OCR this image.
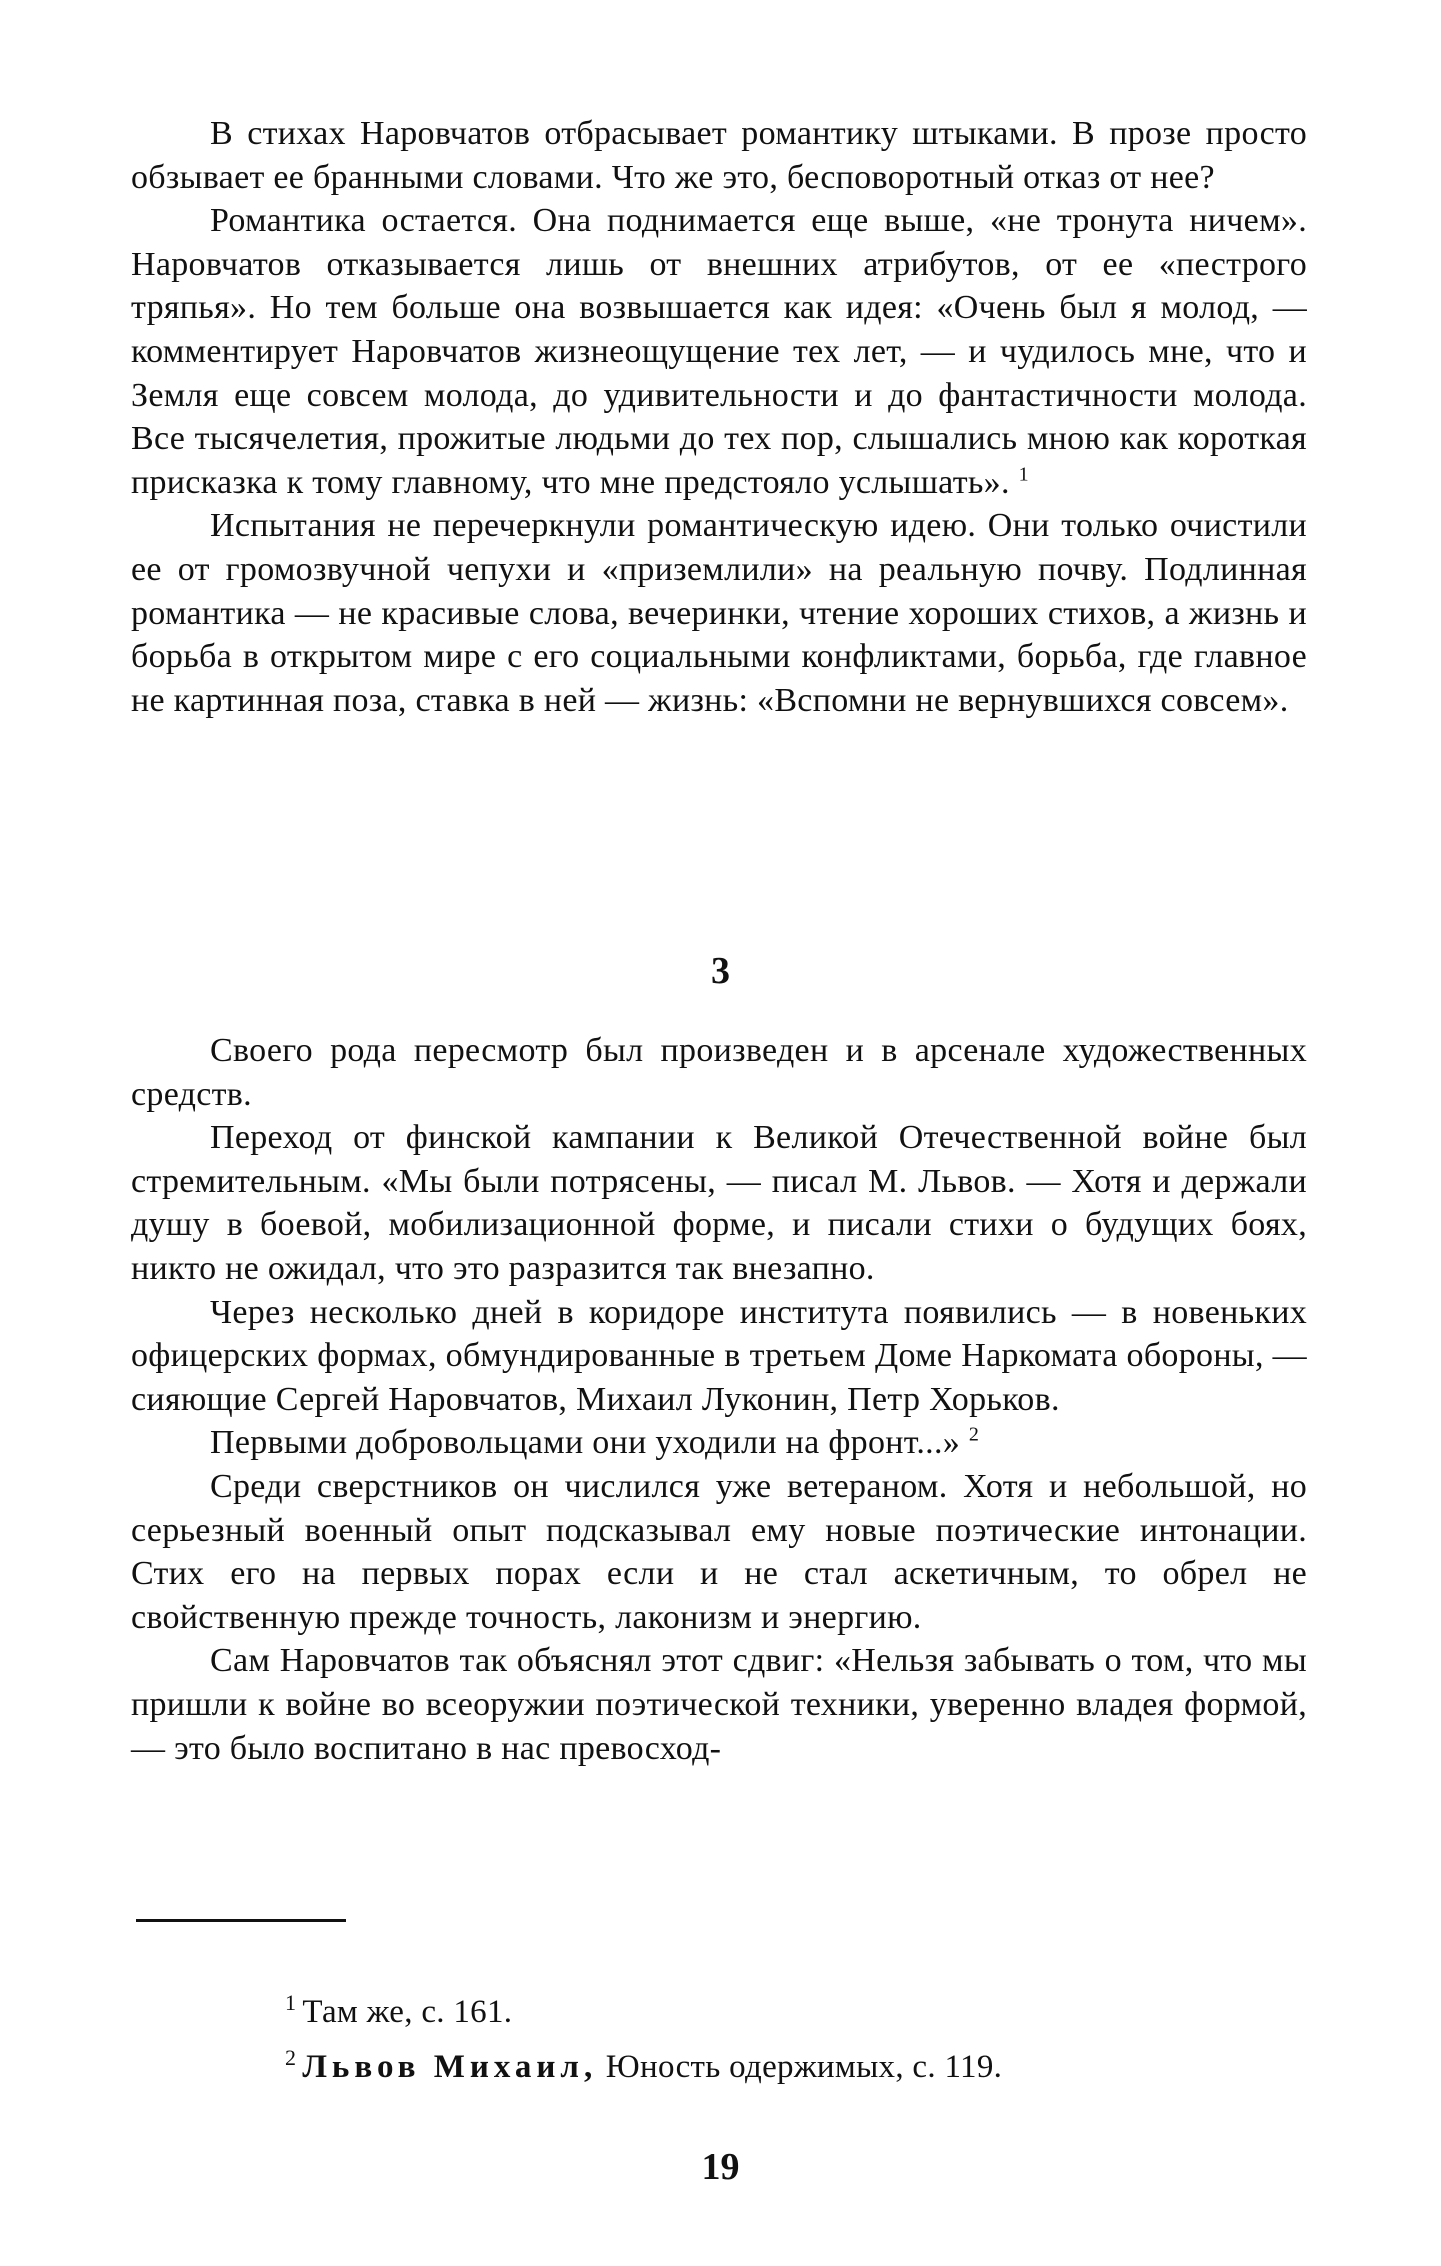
В стихах Наровчатов отбрасывает романтику штыками. В прозе просто обзывает ее бранными словами. Что же это, бесповоротный отказ от нее?

Романтика остается. Она поднимается еще выше, «не тронута ничем». Наровчатов отказывается лишь от внешних атрибутов, от ее «пестрого тряпья». Но тем больше она возвышается как идея: «Очень был я молод, — комментирует Наровчатов жизнеощущение тех лет, — и чудилось мне, что и Земля еще совсем молода, до удивительности и до фантастичности молода. Все тысячелетия, прожитые людьми до тех пор, слышались мною как короткая присказка к тому главному, что мне предстояло услышать». $^1$

Испытания не перечеркнули романтическую идею. Они только очистили ее от громозвучной чепухи и «приземлили» на реальную почву. Подлинная романтика — не красивые слова, вечеринки, чтение хороших стихов, а жизнь и борьба в открытом мире с его социальными конфликтами, борьба, где главное не картинная поза, ставка в ней — жизнь: «Вспомни не вернувшихся совсем».

3

Своего рода пересмотр был произведен и в арсенале художественных средств.

Переход от финской кампании к Великой Отечественной войне был стремительным. «Мы были потрясены, — писал М. Львов. — Хотя и держали душу в боевой, мобилизационной форме, и писали стихи о будущих боях, никто не ожидал, что это разразится так внезапно.

Через несколько дней в коридоре института появились — в новеньких офицерских формах, обмундированные в третьем Доме Наркомата обороны, — сияющие Сергей Наровчатов, Михаил Луконин, Петр Хорьков.

Первыми добровольцами они уходили на фронт...» $^2$

Среди сверстников он числился уже ветераном. Хотя и небольшой, но серьезный военный опыт подсказывал ему новые поэтические интонации. Стих его на первых порах если и не стал аскетичным, то обрел не свойственную прежде точность, лаконизм и энергию.

Сам Наровчатов так объяснял этот сдвиг: «Нельзя забывать о том, что мы пришли к войне во всеоружии поэтической техники, уверенно владея формой, — это было воспитано в нас превосход-

$^1$ Там же, с. 161.

$^2$ Львов Михаил, Юность одержимых, с. 119.

19
